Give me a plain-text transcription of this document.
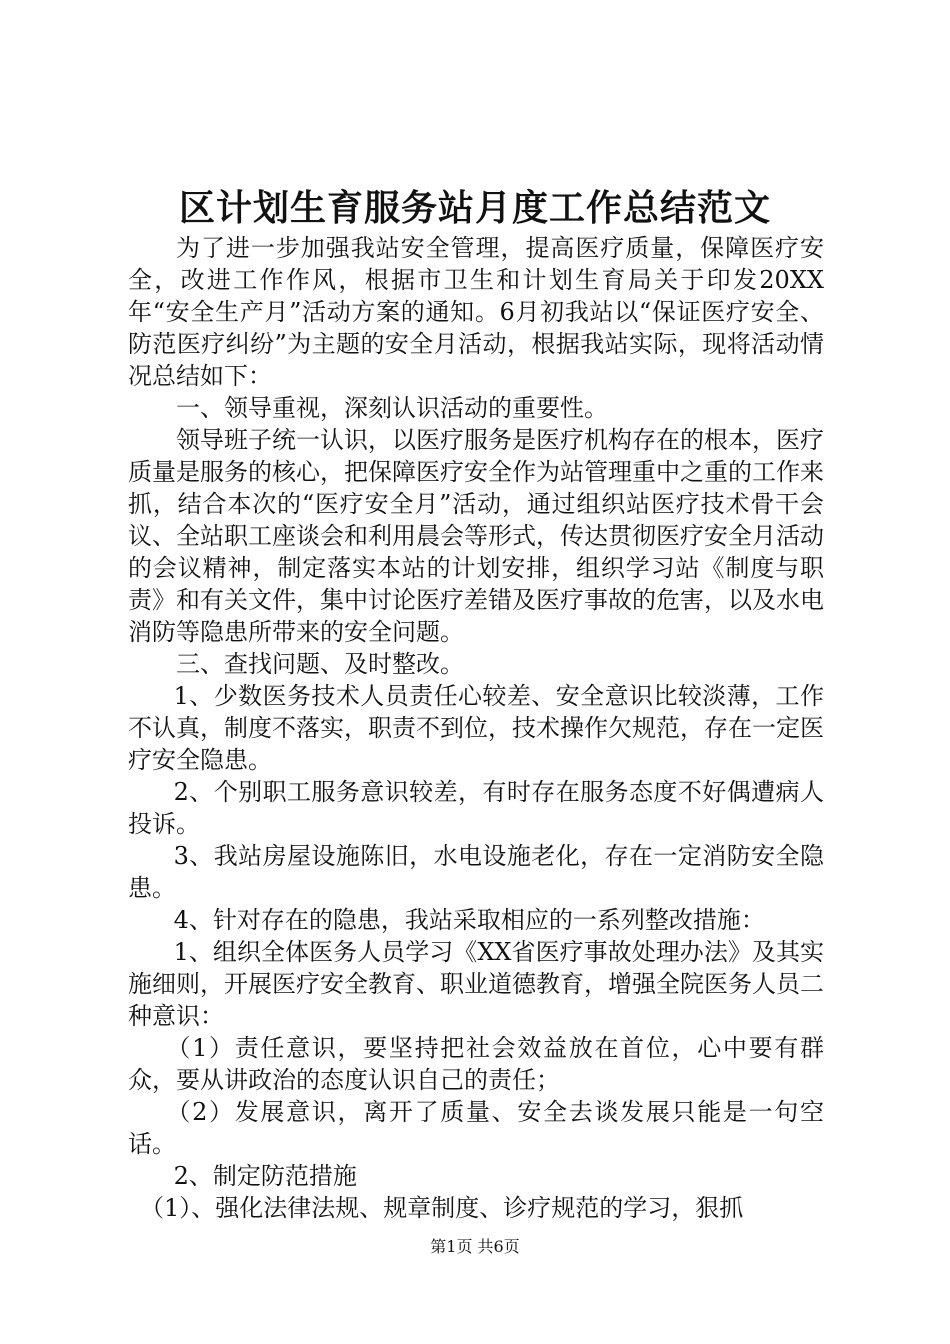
区计划生育服务站月度工作总结范文

为了进一步加强我站安全管理，提高医疗质量，保障医疗安全，改进工作作风，根据市卫生和计划生育局关于印发20XX年“安全生产月”活动方案的通知。6月初我站以“保证医疗安全、防范医疗纠纷”为主题的安全月活动，根据我站实际，现将活动情况总结如下：

一、领导重视，深刻认识活动的重要性。

领导班子统一认识，以医疗服务是医疗机构存在的根本，医疗质量是服务的核心，把保障医疗安全作为站管理重中之重的工作来抓，结合本次的“医疗安全月”活动，通过组织站医疗技术骨干会议、全站职工座谈会和利用晨会等形式，传达贯彻医疗安全月活动的会议精神，制定落实本站的计划安排，组织学习站《制度与职责》和有关文件，集中讨论医疗差错及医疗事故的危害，以及水电消防等隐患所带来的安全问题。

三、查找问题、及时整改。

1、少数医务技术人员责任心较差、安全意识比较淡薄，工作不认真，制度不落实，职责不到位，技术操作欠规范，存在一定医疗安全隐患。

2、个别职工服务意识较差，有时存在服务态度不好偶遭病人投诉。

3、我站房屋设施陈旧，水电设施老化，存在一定消防安全隐患。

4、针对存在的隐患，我站采取相应的一系列整改措施：

1、组织全体医务人员学习《XX省医疗事故处理办法》及其实施细则，开展医疗安全教育、职业道德教育，增强全院医务人员二种意识：

（1）责任意识，要坚持把社会效益放在首位，心中要有群众，要从讲政治的态度认识自己的责任；

（2）发展意识，离开了质量、安全去谈发展只能是一句空话。

2、制定防范措施

（1）、强化法律法规、规章制度、诊疗规范的学习，狠抓

第1页 共6页
